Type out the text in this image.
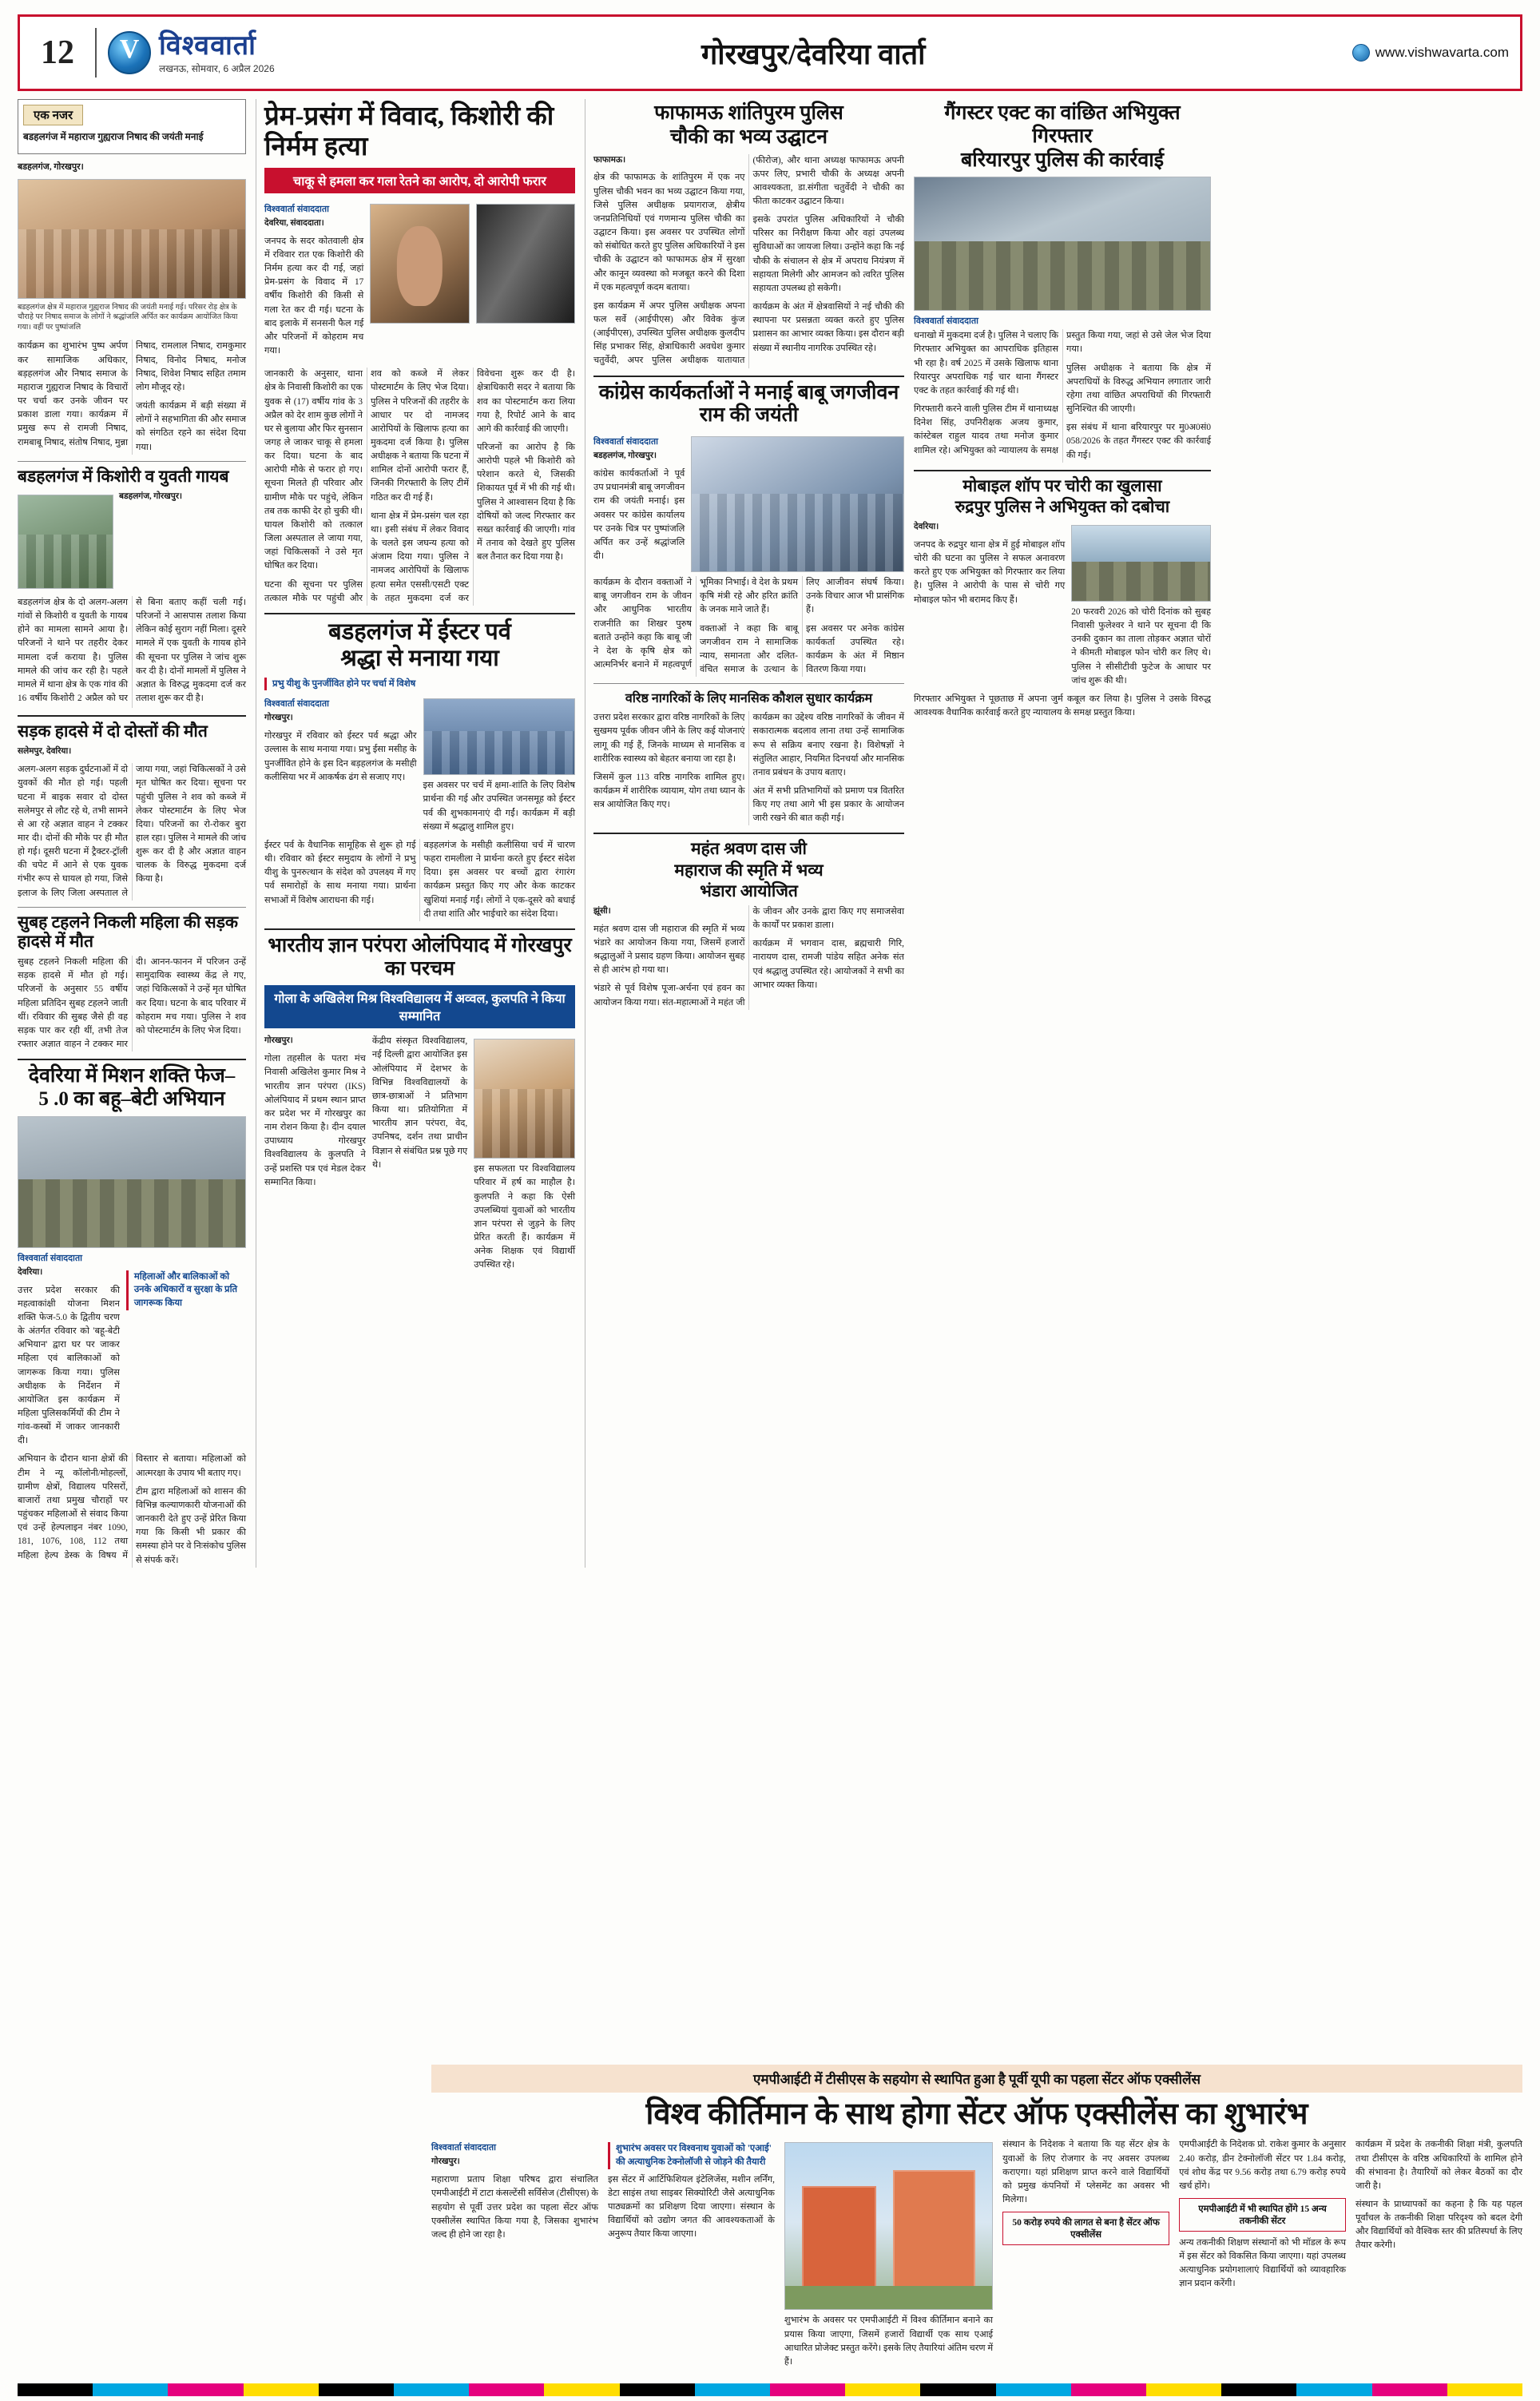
12 V	विश्ववार्ता
लखनऊ, सोमवार, 6 अप्रैल 2026	गोरखपुर/देवरिया वार्ता	www.vishwavarta.com
एक नजर

बडहलगंज में महाराज गुह्यराज निषाद की जयंती मनाई

बडहलगंज, गोरखपुर।

बडहलगंज क्षेत्र में महाराज गुह्यराज निषाद की जयंती मनाई गई। परिसर रोड़ क्षेत्र के चौराहे पर निषाद समाज के लोगों ने श्रद्धांजलि अर्पित कर कार्यक्रम आयोजित किया गया। वहीं पर पुष्पांजलि

कार्यक्रम का शुभारंभ पुष्प अर्पण कर सामाजिक अधिकार, बड़हलगंज और निषाद समाज के महाराज गुह्यराज निषाद के विचारों पर चर्चा कर उनके जीवन पर प्रकाश डाला गया। कार्यक्रम में प्रमुख रूप से रामजी निषाद, रामबाबू निषाद, संतोष निषाद, मुन्ना निषाद, रामलाल निषाद, रामकुमार निषाद, विनोद निषाद, मनोज निषाद, शिवेश निषाद सहित तमाम लोग मौजूद रहे।

जयंती कार्यक्रम में बड़ी संख्या में लोगों ने सहभागिता की और समाज को संगठित रहने का संदेश दिया गया।

बडहलगंज में किशोरी व युवती गायब

बडहलगंज, गोरखपुर।

बडहलगंज क्षेत्र के दो अलग-अलग गांवों से किशोरी व युवती के गायब होने का मामला सामने आया है। परिजनों ने थाने पर तहरीर देकर मामला दर्ज कराया है। पुलिस मामले की जांच कर रही है। पहले मामले में थाना क्षेत्र के एक गांव की 16 वर्षीय किशोरी 2 अप्रैल को घर से बिना बताए कहीं चली गई। परिजनों ने आसपास तलाश किया लेकिन कोई सुराग नहीं मिला। दूसरे मामले में एक युवती के गायब होने की सूचना पर पुलिस ने जांच शुरू कर दी है। दोनों मामलों में पुलिस ने अज्ञात के विरुद्ध मुकदमा दर्ज कर तलाश शुरू कर दी है।

सड़क हादसे में दो दोस्तों की मौत

सलेमपुर, देवरिया।

अलग-अलग सड़क दुर्घटनाओं में दो युवकों की मौत हो गई। पहली घटना में बाइक सवार दो दोस्त सलेमपुर से लौट रहे थे, तभी सामने से आ रहे अज्ञात वाहन ने टक्कर मार दी। दोनों की मौके पर ही मौत हो गई। दूसरी घटना में ट्रैक्टर-ट्रॉली की चपेट में आने से एक युवक गंभीर रूप से घायल हो गया, जिसे इलाज के लिए जिला अस्पताल ले जाया गया, जहां चिकित्सकों ने उसे मृत घोषित कर दिया। सूचना पर पहुंची पुलिस ने शव को कब्जे में लेकर पोस्टमार्टम के लिए भेज दिया। परिजनों का रो-रोकर बुरा हाल रहा। पुलिस ने मामले की जांच शुरू कर दी है और अज्ञात वाहन चालक के विरुद्ध मुकदमा दर्ज किया है।

सुबह टहलने निकली महिला की सड़क हादसे में मौत

सुबह टहलने निकली महिला की सड़क हादसे में मौत हो गई। परिजनों के अनुसार 55 वर्षीय महिला प्रतिदिन सुबह टहलने जाती थीं। रविवार की सुबह जैसे ही वह सड़क पार कर रही थीं, तभी तेज रफ्तार अज्ञात वाहन ने टक्कर मार दी। आनन-फानन में परिजन उन्हें सामुदायिक स्वास्थ्य केंद्र ले गए, जहां चिकित्सकों ने उन्हें मृत घोषित कर दिया। घटना के बाद परिवार में कोहराम मच गया। पुलिस ने शव को पोस्टमार्टम के लिए भेज दिया।

देवरिया में मिशन शक्ति फेज–
5 .0 का बहू–बेटी अभियान

विश्ववार्ता संवाददाता

देवरिया।

उत्तर प्रदेश सरकार की महत्वाकांक्षी योजना मिशन शक्ति फेज-5.0 के द्वितीय चरण के अंतर्गत रविवार को 'बहू-बेटी अभियान' द्वारा घर पर जाकर महिला एवं बालिकाओं को जागरूक किया गया। पुलिस अधीक्षक के निर्देशन में आयोजित इस कार्यक्रम में महिला पुलिसकर्मियों की टीम ने गांव-कस्बों में जाकर जानकारी दी।

महिलाओं और बालिकाओं को उनके अधिकारों व सुरक्षा के प्रति जागरूक किया

अभियान के दौरान थाना क्षेत्रों की टीम ने न्यू कॉलोनी/मोहल्लों, ग्रामीण क्षेत्रों, विद्यालय परिसरों, बाजारों तथा प्रमुख चौराहों पर पहुंचकर महिलाओं से संवाद किया एवं उन्हें हेल्पलाइन नंबर 1090, 181, 1076, 108, 112 तथा महिला हेल्प डेस्क के विषय में विस्तार से बताया। महिलाओं को आत्मरक्षा के उपाय भी बताए गए।

टीम द्वारा महिलाओं को शासन की विभिन्न कल्याणकारी योजनाओं की जानकारी देते हुए उन्हें प्रेरित किया गया कि किसी भी प्रकार की समस्या होने पर वे निःसंकोच पुलिस से संपर्क करें।

प्रेम-प्रसंग में विवाद, किशोरी की निर्मम हत्या
चाकू से हमला कर गला रेतने का आरोप, दो आरोपी फरार

विश्ववार्ता संवाददाता

देवरिया, संवाददाता।

जनपद के सदर कोतवाली क्षेत्र में रविवार रात एक किशोरी की निर्मम हत्या कर दी गई, जहां प्रेम-प्रसंग के विवाद में 17 वर्षीय किशोरी की किसी से गला रेत कर दी गई। घटना के बाद इलाके में सनसनी फैल गई और परिजनों में कोहराम मच गया।

जानकारी के अनुसार, थाना क्षेत्र के निवासी किशोरी का एक युवक से (17) वर्षीय गांव के 3 अप्रैल को देर शाम कुछ लोगों ने घर से बुलाया और फिर सुनसान जगह ले जाकर चाकू से हमला कर दिया। घटना के बाद आरोपी मौके से फरार हो गए। सूचना मिलते ही परिवार और ग्रामीण मौके पर पहुंचे, लेकिन तब तक काफी देर हो चुकी थी। घायल किशोरी को तत्काल जिला अस्पताल ले जाया गया, जहां चिकित्सकों ने उसे मृत घोषित कर दिया।

घटना की सूचना पर पुलिस तत्काल मौके पर पहुंची और शव को कब्जे में लेकर पोस्टमार्टम के लिए भेज दिया। पुलिस ने परिजनों की तहरीर के आधार पर दो नामजद आरोपियों के खिलाफ हत्या का मुकदमा दर्ज किया है। पुलिस अधीक्षक ने बताया कि घटना में शामिल दोनों आरोपी फरार हैं, जिनकी गिरफ्तारी के लिए टीमें गठित कर दी गई हैं।

थाना क्षेत्र में प्रेम-प्रसंग चल रहा था। इसी संबंध में लेकर विवाद के चलते इस जघन्य हत्या को अंजाम दिया गया। पुलिस ने नामजद आरोपियों के खिलाफ हत्या समेत एससी/एसटी एक्ट के तहत मुकदमा दर्ज कर विवेचना शुरू कर दी है। क्षेत्राधिकारी सदर ने बताया कि शव का पोस्टमार्टम करा लिया गया है, रिपोर्ट आने के बाद आगे की कार्रवाई की जाएगी।

परिजनों का आरोप है कि आरोपी पहले भी किशोरी को परेशान करते थे, जिसकी शिकायत पूर्व में भी की गई थी। पुलिस ने आश्वासन दिया है कि दोषियों को जल्द गिरफ्तार कर सख्त कार्रवाई की जाएगी। गांव में तनाव को देखते हुए पुलिस बल तैनात कर दिया गया है।

बडहलगंज में ईस्टर पर्व
श्रद्धा से मनाया गया
प्रभु यीशु के पुनर्जीवित होने पर चर्चा में विशेष

विश्ववार्ता संवाददाता

गोरखपुर।

गोरखपुर में रविवार को ईस्टर पर्व श्रद्धा और उल्लास के साथ मनाया गया। प्रभु ईसा मसीह के पुनर्जीवित होने के इस दिन बड़हलगंज के मसीही कलीसिया भर में आकर्षक ढंग से सजाए गए।

इस अवसर पर चर्च में क्षमा-शांति के लिए विशेष प्रार्थना की गई और उपस्थित जनसमूह को ईस्टर पर्व की शुभकामनाएं दी गईं। कार्यक्रम में बड़ी संख्या में श्रद्धालु शामिल हुए।

ईस्टर पर्व के वैधानिक सामूहिक से शुरू हो गई थी। रविवार को ईस्टर समुदाय के लोगों ने प्रभु यीशु के पुनरुत्थान के संदेश को उपलक्ष्य में गए पर्व समारोहों के साथ मनाया गया। प्रार्थना सभाओं में विशेष आराधना की गई।

बड़हलगंज के मसीही कलीसिया चर्च में चारण फहरा रामलीला ने प्रार्थना करते हुए ईस्टर संदेश दिया। इस अवसर पर बच्चों द्वारा रंगारंग कार्यक्रम प्रस्तुत किए गए और केक काटकर खुशियां मनाई गईं। लोगों ने एक-दूसरे को बधाई दी तथा शांति और भाईचारे का संदेश दिया।

भारतीय ज्ञान परंपरा ओलंपियाद में गोरखपुर का परचम
गोला के अखिलेश मिश्र विश्वविद्यालय में अव्वल, कुलपति ने किया सम्मानित

गोरखपुर।

गोला तहसील के पतरा मंच निवासी अखिलेश कुमार मिश्र ने भारतीय ज्ञान परंपरा (IKS) ओलंपियाद में प्रथम स्थान प्राप्त कर प्रदेश भर में गोरखपुर का नाम रोशन किया है। दीन दयाल उपाध्याय गोरखपुर विश्वविद्यालय के कुलपति ने उन्हें प्रशस्ति पत्र एवं मेडल देकर सम्मानित किया।

केंद्रीय संस्कृत विश्वविद्यालय, नई दिल्ली द्वारा आयोजित इस ओलंपियाद में देशभर के विभिन्न विश्वविद्यालयों के छात्र-छात्राओं ने प्रतिभाग किया था। प्रतियोगिता में भारतीय ज्ञान परंपरा, वेद, उपनिषद, दर्शन तथा प्राचीन विज्ञान से संबंधित प्रश्न पूछे गए थे।	इस सफलता पर विश्वविद्यालय परिवार में हर्ष का माहौल है। कुलपति ने कहा कि ऐसी उपलब्धियां युवाओं को भारतीय ज्ञान परंपरा से जुड़ने के लिए प्रेरित करती हैं। कार्यक्रम में अनेक शिक्षक एवं विद्यार्थी उपस्थित रहे।

फाफामऊ शांतिपुरम पुलिस
चौकी का भव्य उद्घाटन

फाफामऊ।

क्षेत्र की फाफामऊ के शांतिपुरम में एक नए पुलिस चौकी भवन का भव्य उद्घाटन किया गया, जिसे पुलिस अधीक्षक प्रयागराज, क्षेत्रीय जनप्रतिनिधियों एवं गणमान्य पुलिस चौकी का उद्घाटन किया। इस अवसर पर उपस्थित लोगों को संबोधित करते हुए पुलिस अधिकारियों ने इस चौकी के उद्घाटन को फाफामऊ क्षेत्र में सुरक्षा और कानून व्यवस्था को मजबूत करने की दिशा में एक महत्वपूर्ण कदम बताया।

इस कार्यक्रम में अपर पुलिस अधीक्षक अपना फल सर्वे (आईपीएस) और विवेक कुंज (आईपीएस), उपस्थित पुलिस अधीक्षक कुलदीप सिंह प्रभाकर सिंह, क्षेत्राधिकारी अवधेश कुमार चतुर्वेदी, अपर पुलिस अधीक्षक यातायात (फीरोज), और थाना अध्यक्ष फाफामऊ अपनी ऊपर लिए, प्रभारी चौकी के अध्यक्ष अपनी आवश्यकता, डा.संगीता चतुर्वेदी ने चौकी का फीता काटकर उद्घाटन किया।

इसके उपरांत पुलिस अधिकारियों ने चौकी परिसर का निरीक्षण किया और वहां उपलब्ध सुविधाओं का जायजा लिया। उन्होंने कहा कि नई चौकी के संचालन से क्षेत्र में अपराध नियंत्रण में सहायता मिलेगी और आमजन को त्वरित पुलिस सहायता उपलब्ध हो सकेगी।

कार्यक्रम के अंत में क्षेत्रवासियों ने नई चौकी की स्थापना पर प्रसन्नता व्यक्त करते हुए पुलिस प्रशासन का आभार व्यक्त किया। इस दौरान बड़ी संख्या में स्थानीय नागरिक उपस्थित रहे।

कांग्रेस कार्यकर्ताओं ने मनाई बाबू जगजीवन राम की जयंती

विश्ववार्ता संवाददाता

बडहलगंज, गोरखपुर।

कांग्रेस कार्यकर्ताओं ने पूर्व उप प्रधानमंत्री बाबू जगजीवन राम की जयंती मनाई। इस अवसर पर कांग्रेस कार्यालय पर उनके चित्र पर पुष्पांजलि अर्पित कर उन्हें श्रद्धांजलि दी।

कार्यक्रम के दौरान वक्ताओं ने बाबू जगजीवन राम के जीवन और आधुनिक भारतीय राजनीति का शिखर पुरुष बताते उन्होंने कहा कि बाबू जी ने देश के कृषि क्षेत्र को आत्मनिर्भर बनाने में महत्वपूर्ण भूमिका निभाई। वे देश के प्रथम कृषि मंत्री रहे और हरित क्रांति के जनक माने जाते हैं।

वक्ताओं ने कहा कि बाबू जगजीवन राम ने सामाजिक न्याय, समानता और दलित-वंचित समाज के उत्थान के लिए आजीवन संघर्ष किया। उनके विचार आज भी प्रासंगिक हैं।

इस अवसर पर अनेक कांग्रेस कार्यकर्ता उपस्थित रहे। कार्यक्रम के अंत में मिष्ठान वितरण किया गया।

वरिष्ठ नागरिकों के लिए मानसिक कौशल सुधार कार्यक्रम

उत्तरा प्रदेश सरकार द्वारा वरिष्ठ नागरिकों के लिए सुखमय पूर्वक जीवन जीने के लिए कई योजनाएं लागू की गई हैं, जिनके माध्यम से मानसिक व शारीरिक स्वास्थ्य को बेहतर बनाया जा रहा है।

जिसमें कुल 113 वरिष्ठ नागरिक शामिल हुए। कार्यक्रम में शारीरिक व्यायाम, योग तथा ध्यान के सत्र आयोजित किए गए।

कार्यक्रम का उद्देश्य वरिष्ठ नागरिकों के जीवन में सकारात्मक बदलाव लाना तथा उन्हें सामाजिक रूप से सक्रिय बनाए रखना है। विशेषज्ञों ने संतुलित आहार, नियमित दिनचर्या और मानसिक तनाव प्रबंधन के उपाय बताए।

अंत में सभी प्रतिभागियों को प्रमाण पत्र वितरित किए गए तथा आगे भी इस प्रकार के आयोजन जारी रखने की बात कही गई।

महंत श्रवण दास जी
महाराज की स्मृति में भव्य
भंडारा आयोजित

झूंसी।

महंत श्रवण दास जी महाराज की स्मृति में भव्य भंडारे का आयोजन किया गया, जिसमें हजारों श्रद्धालुओं ने प्रसाद ग्रहण किया। आयोजन सुबह से ही आरंभ हो गया था।

भंडारे से पूर्व विशेष पूजा-अर्चना एवं हवन का आयोजन किया गया। संत-महात्माओं ने महंत जी के जीवन और उनके द्वारा किए गए समाजसेवा के कार्यों पर प्रकाश डाला।

कार्यक्रम में भगवान दास, ब्रह्मचारी गिरि, नारायण दास, रामजी पांडेय सहित अनेक संत एवं श्रद्धालु उपस्थित रहे। आयोजकों ने सभी का आभार व्यक्त किया।

गैंगस्टर एक्ट का वांछित अभियुक्त गिरफ्तार
बरियारपुर पुलिस की कार्रवाई

विश्ववार्ता संवाददाता

धनाखो में मुकदमा दर्ज है। पुलिस ने चलाए कि गिरफ्तार अभियुक्त का आपराधिक इतिहास भी रहा है। वर्ष 2025 में उसके खिलाफ थाना रियारपुर अपराधिक गई चार थाना गैंगस्टर एक्ट के तहत कार्रवाई की गई थी।

गिरफ्तारी करने वाली पुलिस टीम में थानाध्यक्ष दिनेश सिंह, उपनिरीक्षक अजय कुमार, कांस्टेबल राहुल यादव तथा मनोज कुमार शामिल रहे। अभियुक्त को न्यायालय के समक्ष प्रस्तुत किया गया, जहां से उसे जेल भेज दिया गया।

पुलिस अधीक्षक ने बताया कि क्षेत्र में अपराधियों के विरुद्ध अभियान लगातार जारी रहेगा तथा वांछित अपराधियों की गिरफ्तारी सुनिश्चित की जाएगी।

इस संबंध में थाना बरियारपुर पर मु0अ0सं0 058/2026 के तहत गैंगस्टर एक्ट की कार्रवाई की गई।

मोबाइल शॉप पर चोरी का खुलासा
रुद्रपुर पुलिस ने अभियुक्त को दबोचा

देवरिया।

जनपद के रुद्रपुर थाना क्षेत्र में हुई मोबाइल शॉप चोरी की घटना का पुलिस ने सफल अनावरण करते हुए एक अभियुक्त को गिरफ्तार कर लिया है। पुलिस ने आरोपी के पास से चोरी गए मोबाइल फोन भी बरामद किए हैं।

20 फरवरी 2026 को चोरी दिनांक को सुबह निवासी फुलेश्वर ने थाने पर सूचना दी कि उनकी दुकान का ताला तोड़कर अज्ञात चोरों ने कीमती मोबाइल फोन चोरी कर लिए थे। पुलिस ने सीसीटीवी फुटेज के आधार पर जांच शुरू की थी।

गिरफ्तार अभियुक्त ने पूछताछ में अपना जुर्म कबूल कर लिया है। पुलिस ने उसके विरुद्ध आवश्यक वैधानिक कार्रवाई करते हुए न्यायालय के समक्ष प्रस्तुत किया।

एमपीआईटी में टीसीएस के सहयोग से स्थापित हुआ है पूर्वी यूपी का पहला सेंटर ऑफ एक्सीलेंस
विश्व कीर्तिमान के साथ होगा सेंटर ऑफ एक्सीलेंस का शुभारंभ

विश्ववार्ता संवाददाता

गोरखपुर।

महाराणा प्रताप शिक्षा परिषद द्वारा संचालित एमपीआईटी में टाटा कंसल्टेंसी सर्विसेज (टीसीएस) के सहयोग से पूर्वी उत्तर प्रदेश का पहला सेंटर ऑफ एक्सीलेंस स्थापित किया गया है, जिसका शुभारंभ जल्द ही होने जा रहा है।

शुभारंभ अवसर पर विश्वनाथ युवाओं को 'एआई' की अत्याधुनिक टेक्नोलॉजी से जोड़ने की तैयारी

इस सेंटर में आर्टिफिशियल इंटेलिजेंस, मशीन लर्निंग, डेटा साइंस तथा साइबर सिक्योरिटी जैसे अत्याधुनिक पाठ्यक्रमों का प्रशिक्षण दिया जाएगा। संस्थान के विद्यार्थियों को उद्योग जगत की आवश्यकताओं के अनुरूप तैयार किया जाएगा।

शुभारंभ के अवसर पर एमपीआईटी में विश्व कीर्तिमान बनाने का प्रयास किया जाएगा, जिसमें हजारों विद्यार्थी एक साथ एआई आधारित प्रोजेक्ट प्रस्तुत करेंगे। इसके लिए तैयारियां अंतिम चरण में हैं।

संस्थान के निदेशक ने बताया कि यह सेंटर क्षेत्र के युवाओं के लिए रोजगार के नए अवसर उपलब्ध कराएगा। यहां प्रशिक्षण प्राप्त करने वाले विद्यार्थियों को प्रमुख कंपनियों में प्लेसमेंट का अवसर भी मिलेगा।

50 करोड़ रुपये की लागत से बना है सेंटर ऑफ एक्सीलेंस

एमपीआईटी के निदेशक प्रो. राकेश कुमार के अनुसार 2.40 करोड़, डीन टेक्नोलॉजी सेंटर पर 1.84 करोड़, एवं शोध केंद्र पर 9.56 करोड़ तथा 6.79 करोड़ रुपये खर्च होंगे।

एमपीआईटी में भी स्थापित होंगे 15 अन्य तकनीकी सेंटर

अन्य तकनीकी शिक्षण संस्थानों को भी मॉडल के रूप में इस सेंटर को विकसित किया जाएगा। यहां उपलब्ध अत्याधुनिक प्रयोगशालाएं विद्यार्थियों को व्यावहारिक ज्ञान प्रदान करेंगी।

कार्यक्रम में प्रदेश के तकनीकी शिक्षा मंत्री, कुलपति तथा टीसीएस के वरिष्ठ अधिकारियों के शामिल होने की संभावना है। तैयारियों को लेकर बैठकों का दौर जारी है।

संस्थान के प्राध्यापकों का कहना है कि यह पहल पूर्वांचल के तकनीकी शिक्षा परिदृश्य को बदल देगी और विद्यार्थियों को वैश्विक स्तर की प्रतिस्पर्धा के लिए तैयार करेगी।
